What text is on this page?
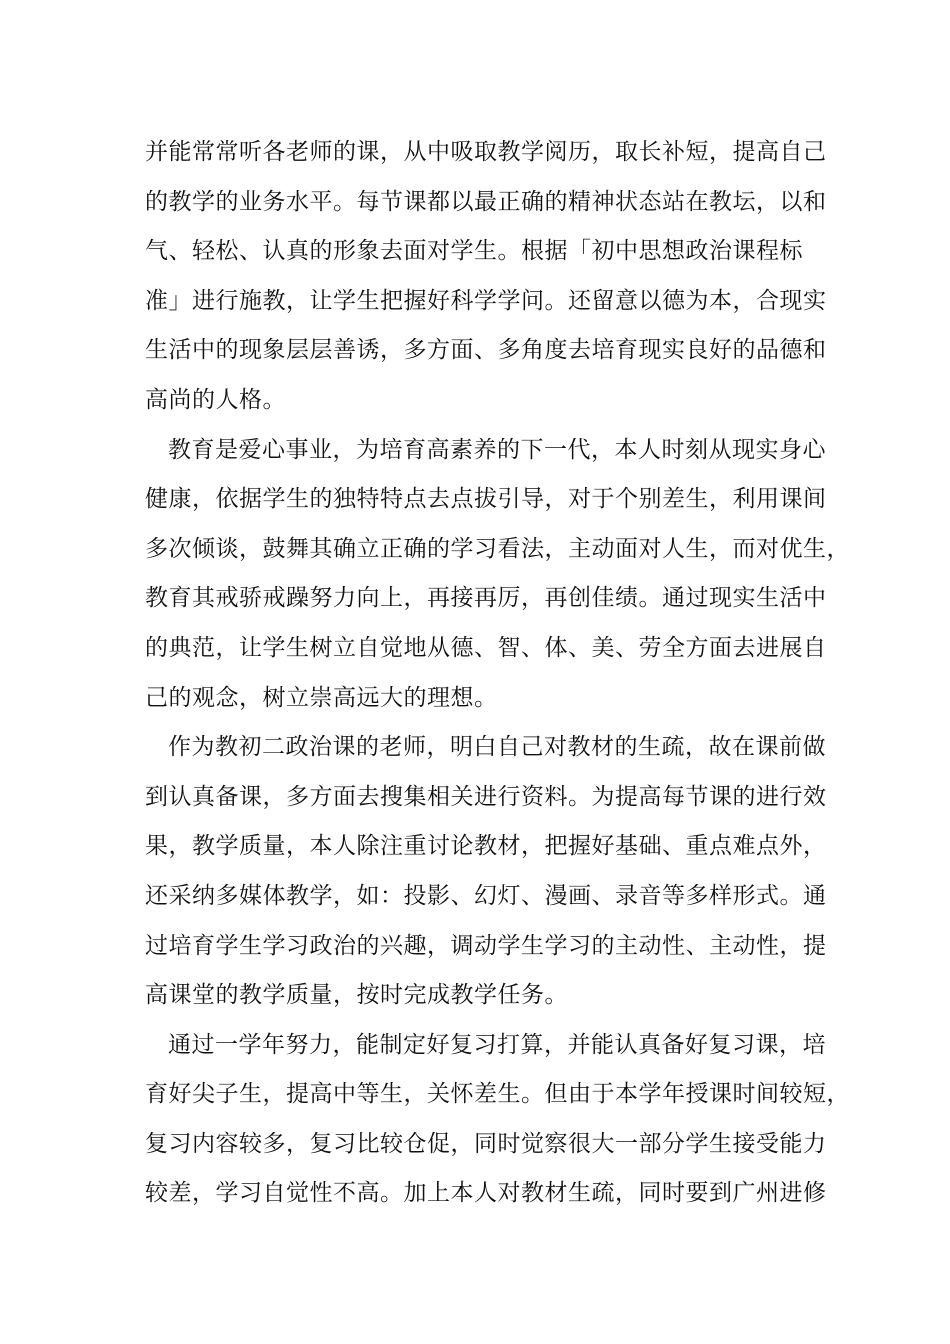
并能常常听各老师的课，从中吸取教学阅历，取长补短，提高自己
的教学的业务水平。每节课都以最正确的精神状态站在教坛，以和
气、轻松、认真的形象去面对学生。根据「初中思想政治课程标
准」进行施教，让学生把握好科学学问。还留意以德为本，合现实
生活中的现象层层善诱，多方面、多角度去培育现实良好的品德和
高尚的人格。
教育是爱心事业，为培育高素养的下一代，本人时刻从现实身心
健康，依据学生的独特特点去点拔引导，对于个别差生，利用课间
多次倾谈，鼓舞其确立正确的学习看法，主动面对人生，而对优生，
教育其戒骄戒躁努力向上，再接再厉，再创佳绩。通过现实生活中
的典范，让学生树立自觉地从德、智、体、美、劳全方面去进展自
己的观念，树立崇高远大的理想。
作为教初二政治课的老师，明白自己对教材的生疏，故在课前做
到认真备课，多方面去搜集相关进行资料。为提高每节课的进行效
果，教学质量，本人除注重讨论教材，把握好基础、重点难点外，
还采纳多媒体教学，如：投影、幻灯、漫画、录音等多样形式。通
过培育学生学习政治的兴趣，调动学生学习的主动性、主动性，提
高课堂的教学质量，按时完成教学任务。
通过一学年努力，能制定好复习打算，并能认真备好复习课，培
育好尖子生，提高中等生，关怀差生。但由于本学年授课时间较短，
复习内容较多，复习比较仓促，同时觉察很大一部分学生接受能力
较差，学习自觉性不高。加上本人对教材生疏，同时要到广州进修
